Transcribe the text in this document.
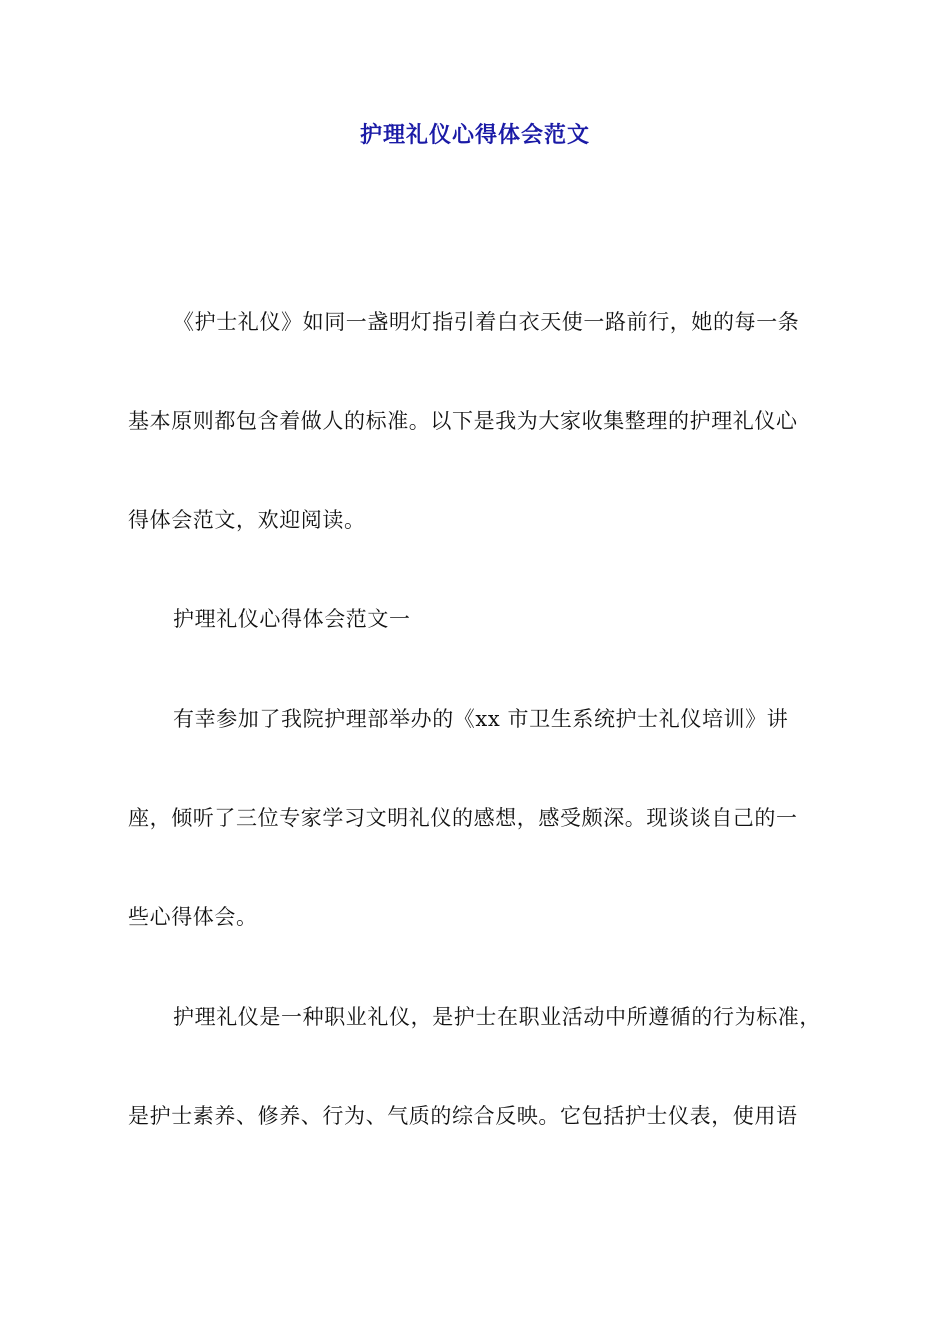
护理礼仪心得体会范文
《护士礼仪》如同一盏明灯指引着白衣天使一路前行，她的每一条
基本原则都包含着做人的标准。以下是我为大家收集整理的护理礼仪心
得体会范文，欢迎阅读。
护理礼仪心得体会范文一
有幸参加了我院护理部举办的《xx 市卫生系统护士礼仪培训》讲
座，倾听了三位专家学习文明礼仪的感想，感受颇深。现谈谈自己的一
些心得体会。
护理礼仪是一种职业礼仪，是护士在职业活动中所遵循的行为标准，
是护士素养、修养、行为、气质的综合反映。它包括护士仪表，使用语
